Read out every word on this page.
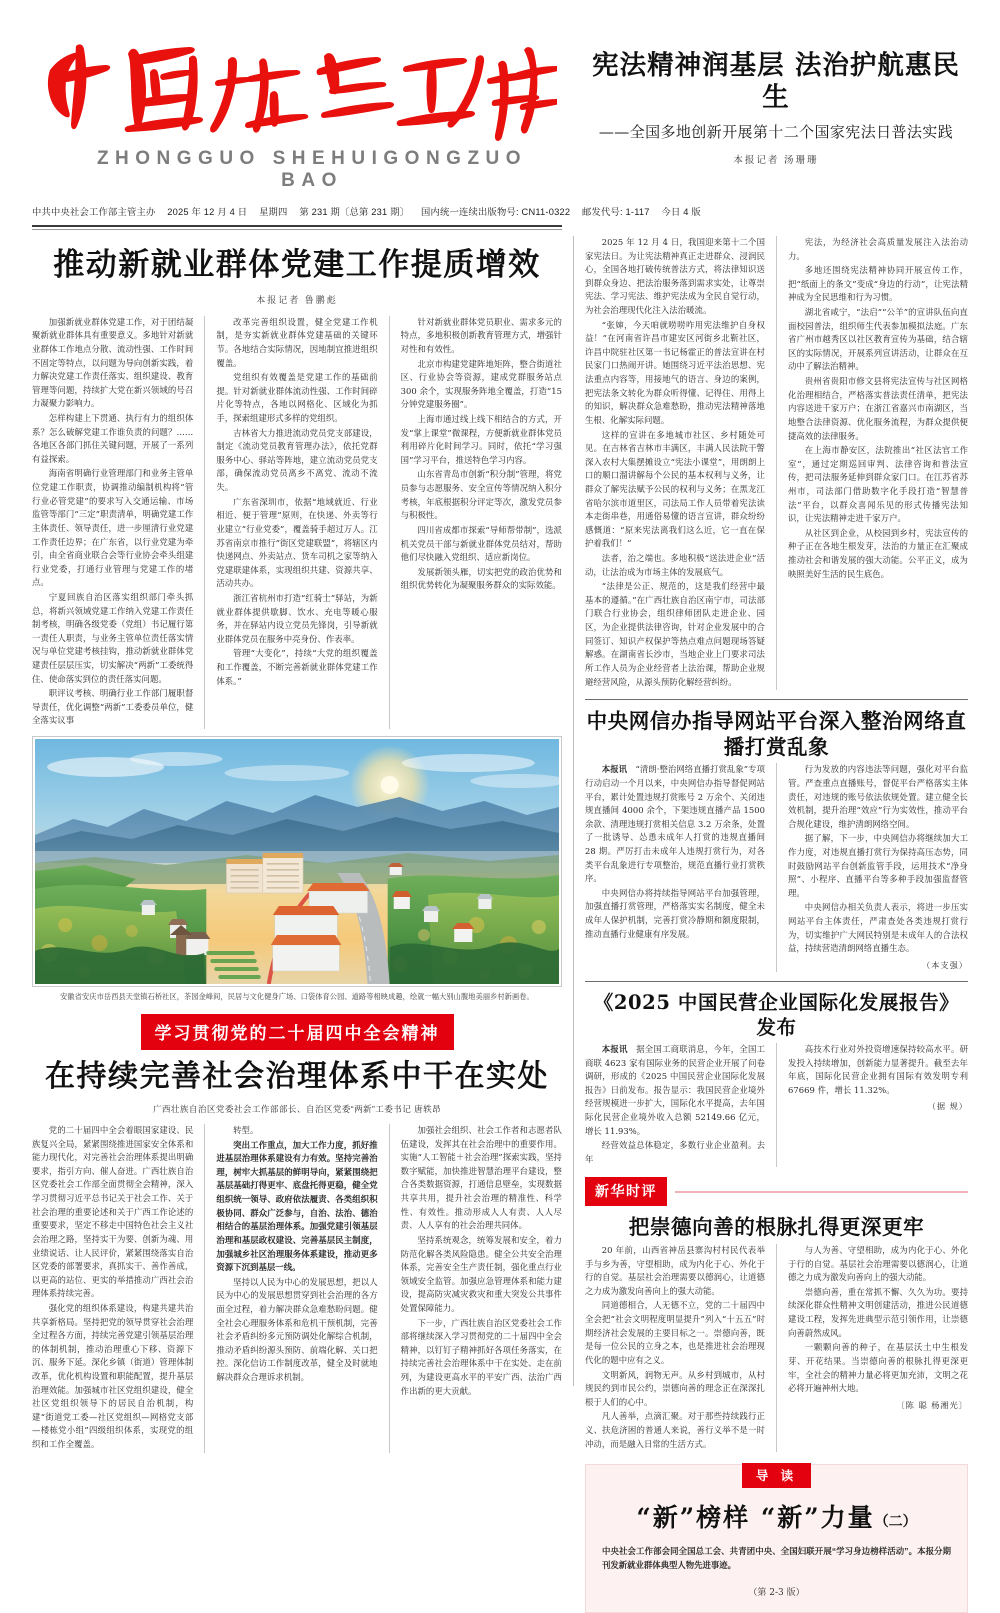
ZHONGGUO SHEHUIGONGZUO BAO
中共中央社会工作部主管主办 2025 年 12 月 4 日 星期四 第 231 期〔总第 231 期〕 国内统一连续出版物号: CN11-0322 邮发代号: 1-117 今日 4 版
宪法精神润基层 法治护航惠民生
——全国多地创新开展第十二个国家宪法日普法实践
本报记者 汤珊珊
推动新就业群体党建工作提质增效
本报记者 鲁鹏彪

加强新就业群体党建工作，对于团结凝聚新就业群体具有重要意义。多地针对新就业群体工作地点分散、流动性强、工作时间不固定等特点，以问题为导向创新实践，着力解决党建工作责任落实、组织建设、教育管理等问题，持续扩大党在新兴领域的号召力凝聚力影响力。

怎样构建上下贯通、执行有力的组织体系？怎么破解党建工作谁负责的问题？……各地区各部门抓住关键问题，开展了一系列有益探索。

海南省明确行业管理部门和业务主管单位党建工作职责，协调推动编制机构将“管行业必管党建”的要求写入交通运输、市场监管等部门“三定”职责清单，明确党建工作主体责任、领导责任，进一步厘清行业党建工作责任边界；在广东省，以行业党建为牵引，由全省商业联合会等行业协会牵头组建行业党委，打通行业管理与党建工作的堵点。

宁夏回族自治区落实组织部门牵头抓总，将新兴领域党建工作纳入党建工作责任制考核，明确各级党委（党组）书记履行第一责任人职责，与业务主管单位责任落实情况与单位党建考核挂钩，推动新就业群体党建责任层层压实，切实解决“两新”工委统得住、使命落实到位的责任落实问题。

职评议考核、明确行业工作部门履职督导责任，优化调整“两新”工委委员单位，健全落实议事

改革完善组织设置，健全党建工作机制，是夯实新就业群体党建基础的关键环节。各地结合实际情况，因地制宜推进组织覆盖。

党组织有效覆盖是党建工作的基础前提。针对新就业群体流动性强、工作时间碎片化等特点，各地以网格化、区域化为抓手，探索组建形式多样的党组织。

吉林省大力推进流动党员党支部建设，制定《流动党员教育管理办法》，依托党群服务中心、驿站等阵地，建立流动党员党支部，确保流动党员离乡不离党、流动不流失。

广东省深圳市，依据“地域就近、行业相近、便于管理”原则，在快递、外卖等行业建立“行业党委”，覆盖骑手超过万人。江苏省南京市推行“街区党建联盟”，将辖区内快递网点、外卖站点、货车司机之家等纳入党建联建体系，实现组织共建、资源共享、活动共办。

浙江省杭州市打造“红骑士”驿站，为新就业群体提供歇脚、饮水、充电等暖心服务，并在驿站内设立党员先锋岗，引导新就业群体党员在服务中亮身份、作表率。

管理“大变化”，持续“大党的组织覆盖和工作覆盖，不断完善新就业群体党建工作体系。”

针对新就业群体党员职业、需求多元的特点，多地积极创新教育管理方式，增强针对性和有效性。

北京市构建党建阵地矩阵，整合街道社区、行业协会等资源，建成党群服务站点 300 余个，实现服务阵地全覆盖，打造“15 分钟党建服务圈”。

上海市通过线上线下相结合的方式，开发“掌上课堂”微课程，方便新就业群体党员利用碎片化时间学习。同时，依托“学习强国”学习平台，推送特色学习内容。

山东省青岛市创新“积分制”管理，将党员参与志愿服务、安全宣传等情况纳入积分考核，年底根据积分评定等次，激发党员参与积极性。

四川省成都市探索“导师帮带制”，选派机关党员干部与新就业群体党员结对，帮助他们尽快融入党组织、适应新岗位。

发展新领头雁，切实把党的政治优势和组织优势转化为凝聚服务群众的实际效能。

安徽省安庆市岳西县天堂镇石桥社区，茶园金峰间，民居与文化健身广场、口袋体育公园、道路等相映成趣，绘就一幅大别山腹地美丽乡村新画卷。
学习贯彻党的二十届四中全会精神
在持续完善社会治理体系中干在实处
广西壮族自治区党委社会工作部部长、自治区党委“两新”工委书记 唐轶昂

党的二十届四中全会着眼国家建设、民族复兴全局，紧紧围绕推进国家安全体系和能力现代化，对完善社会治理体系提出明确要求，指引方向、催人奋进。广西壮族自治区党委社会工作部全面贯彻全会精神，深入学习贯彻习近平总书记关于社会工作、关于社会治理的重要论述和关于广西工作论述的重要要求，坚定不移走中国特色社会主义社会治理之路，坚持实干为要、创新为魂、用业绩说话、让人民评价，紧紧围绕落实自治区党委的部署要求，真抓实干、善作善成，以更高的站位、更实的举措推动广西社会治理体系持续完善。

强化党的组织体系建设，构建共建共治共享新格局。坚持把党的领导贯穿社会治理全过程各方面，持续完善党建引领基层治理的体制机制，推动治理重心下移、资源下沉、服务下延。深化乡镇（街道）管理体制改革，优化机构设置和职能配置，提升基层治理效能。加强城市社区党组织建设，健全社区党组织领导下的居民自治机制，构建“街道党工委—社区党组织—网格党支部—楼栋党小组”四级组织体系，实现党的组织和工作全覆盖。

转型。

突出工作重点，加大工作力度，抓好推进基层治理体系建设有力有效。坚持完善治理，树牢大抓基层的鲜明导向，紧紧围绕把基层基础打得更牢、底盘托得更稳，健全党组织统一领导、政府依法履责、各类组织积极协同、群众广泛参与，自治、法治、德治相结合的基层治理体系。加强党建引领基层治理和基层政权建设、完善基层民主制度，加强城乡社区治理服务体系建设，推动更多资源下沉到基层一线。

坚持以人民为中心的发展思想，把以人民为中心的发展思想贯穿到社会治理的各方面全过程，着力解决群众急难愁盼问题。健全社会心理服务体系和危机干预机制，完善社会矛盾纠纷多元预防调处化解综合机制，推动矛盾纠纷源头预防、前端化解、关口把控。深化信访工作制度改革，健全及时就地解决群众合理诉求机制。

加强社会组织、社会工作者和志愿者队伍建设，发挥其在社会治理中的重要作用。实施“人工智能＋社会治理”探索实践，坚持数字赋能，加快推进智慧治理平台建设，整合各类数据资源，打通信息壁垒，实现数据共享共用，提升社会治理的精准性、科学性、有效性。推动形成人人有责、人人尽责、人人享有的社会治理共同体。

坚持系统观念，统筹发展和安全，着力防范化解各类风险隐患。健全公共安全治理体系，完善安全生产责任制，强化重点行业领域安全监管。加强应急管理体系和能力建设，提高防灾减灾救灾和重大突发公共事件处置保障能力。

下一步，广西壮族自治区党委社会工作部将继续深入学习贯彻党的二十届四中全会精神，以钉钉子精神抓好各项任务落实，在持续完善社会治理体系中干在实处、走在前列，为建设更高水平的平安广西、法治广西作出新的更大贡献。

2025 年 12 月 4 日，我国迎来第十二个国家宪法日。为让宪法精神真正走进群众、浸润民心，全国各地打破传统普法方式，将法律知识送到群众身边、把法治服务落到需求实处，让尊崇宪法、学习宪法、维护宪法成为全民自觉行动，为社会治理现代化注入法治暖流。

“张婶，今天咱就唠唠咋用宪法维护自身权益！”在河南省许昌市建安区河街乡北靳社区，许昌中院驻社区第一书记杨霍正的普法宣讲在村民家门口热闹开讲。她围绕习近平法治思想、宪法重点内容等，用接地气的语言、身边的案例，把宪法条文转化为群众听得懂、记得住、用得上的知识，解决群众急难愁盼，推动宪法精神落地生根、化解实际问题。

这样的宣讲在多地城市社区、乡村随处可见。在吉林省吉林市丰满区，丰满人民法院干警深入农村大集摆摊设立“宪法小课堂”，用朗朗上口的顺口溜讲解每个公民的基本权利与义务，让群众了解宪法赋予公民的权利与义务；在黑龙江省哈尔滨市道里区，司法局工作人员带着宪法读本走街串巷，用通俗易懂的语言宣讲，群众纷纷感慨道：“原来宪法离我们这么近，它一直在保护着我们！”

法者，治之端也。多地积极“送法进企业”活动，让法治成为市场主体的发展底气。

“法律是公正、规范的，这是我们经营中最基本的遵循。”在广西壮族自治区南宁市，司法部门联合行业协会，组织律师团队走进企业、园区，为企业提供法律咨询，针对企业发展中的合同签订、知识产权保护等热点难点问题现场答疑解惑。在湖南省长沙市，当地企业上门要求司法所工作人员为企业经营者上法治课，帮助企业规避经营风险，从源头预防化解经营纠纷。

宪法，为经济社会高质量发展注入法治动力。

多地还围绕宪法精神协同开展宣传工作，把“纸面上的条文”变成“身边的行动”，让宪法精神成为全民思维和行为习惯。

湖北省咸宁，“法启”“公羊”的宣讲队伍向直面校园普法，组织师生代表参加模拟法庭。广东省广州市越秀区以社区教育宣传为基础，结合辖区的实际情况，开展系列宣讲活动，让群众在互动中了解法治精神。

贵州省贵阳市修文县将宪法宣传与社区网格化治理相结合，严格落实普法责任清单，把宪法内容送进千家万户；在浙江省嘉兴市南湖区，当地整合法律资源、优化服务流程，为群众提供便捷高效的法律服务。

在上海市静安区，法院推出“社区法官工作室”，通过定期巡回审判、法律咨询和普法宣传，把司法服务延伸到群众家门口。在江苏省苏州市，司法部门借助数字化手段打造“智慧普法”平台，以群众喜闻乐见的形式传播宪法知识，让宪法精神走进千家万户。

从社区到企业，从校园到乡村，宪法宣传的种子正在各地生根发芽，法治的力量正在汇聚成推动社会和谐发展的强大动能。公平正义，成为映照美好生活的民生底色。

中央网信办指导网站平台深入整治网络直播打赏乱象

本报讯　 “清朗·整治网络直播打赏乱象”专项行动启动一个月以来，中央网信办指导督促网站平台，累计处置违规打赏账号 2 万余个、关闭违规直播间 4000 余个，下架违规直播产品 1500 余款、清理违规打赏相关信息 3.2 万余条，处置了一批诱导、怂恿未成年人打赏的违规直播间 28 期。严厉打击未成年人违规打赏行为，对各类平台乱象进行专项整治，规范直播行业打赏秩序。

中央网信办将持续指导网站平台加强管理，加强直播打赏管理，严格落实实名制度，健全未成年人保护机制，完善打赏冷静期和额度限制，推动直播行业健康有序发展。

行为发放的内容违法等问题，强化对平台监管。严查重点直播账号，督促平台严格落实主体责任，对违规的账号依法依规处置。建立健全长效机制，提升治理“效应”行为实效性，推动平台合规化建设，维护清朗网络空间。

据了解，下一步，中央网信办将继续加大工作力度，对违规直播打赏行为保持高压态势，同时鼓励网站平台创新监管手段，运用技术“净身照”、小程序、直播平台等多种手段加强监督管理。

中央网信办相关负责人表示，将进一步压实网站平台主体责任，严肃查处各类违规打赏行为，切实维护广大网民特别是未成年人的合法权益，持续营造清朗网络直播生态。

（本支强）
《2025 中国民营企业国际化发展报告》发布

本报讯　 据全国工商联消息，今年，全国工商联 4623 家有国际业务的民营企业开展了问卷调研，形成的《2025 中国民营企业国际化发展报告》日前发布。报告显示：我国民营企业境外经营规模进一步扩大，国际化水平提高，去年国际化民营企业境外收入总额 52149.66 亿元，增长 11.93%。

经营效益总体稳定，多数行业企业盈利。去年

高技术行业对外投资增速保持较高水平。研发投入持续增加，创新能力显著提升。截至去年年底，国际化民营企业拥有国际有效发明专利 67669 件，增长 11.32%。

（据 规）
新华时评
把崇德向善的根脉扎得更深更牢

20 年前，山西省神岳县寨沟村村民代表举手与乡为善，守望相助，成为内化于心、外化于行的自觉。基层社会治理需要以德润心，让道德之力成为激发向善向上的强大动能。

同道德相合，人无德不立，党的二十届四中全会把“社会文明程度明显提升”列入“十五五”时期经济社会发展的主要目标之一。崇德向善，既是每一位公民的立身之本，也是推进社会治理现代化的题中应有之义。

文明新风，润物无声。从乡村到城市，从村规民约到市民公约，崇德向善的理念正在深深扎根于人们的心中。

凡人善举，点滴汇聚。对于那些持续践行正义、扶危济困的普通人来说，善行义举不是一时冲动，而是融入日常的生活方式。

与人为善、守望相助，成为内化于心、外化于行的自觉。基层社会治理需要以德润心，让道德之力成为激发向善向上的强大动能。

崇德向善，重在常抓不懈、久久为功。要持续深化群众性精神文明创建活动，推进公民道德建设工程，发挥先进典型示范引领作用，让崇德向善蔚然成风。

一颗颗向善的种子，在基层沃土中生根发芽、开花结果。当崇德向善的根脉扎得更深更牢，全社会的精神力量必将更加充沛，文明之花必将开遍神州大地。

〔陈 聪 杨湘光〕
导 读
“新”榜样 “新”力量（二）
中央社会工作部会同全国总工会、共青团中央、全国妇联开展“学习身边榜样活动”。本报分期刊发新就业群体典型人物先进事迹。
（第 2-3 版）
